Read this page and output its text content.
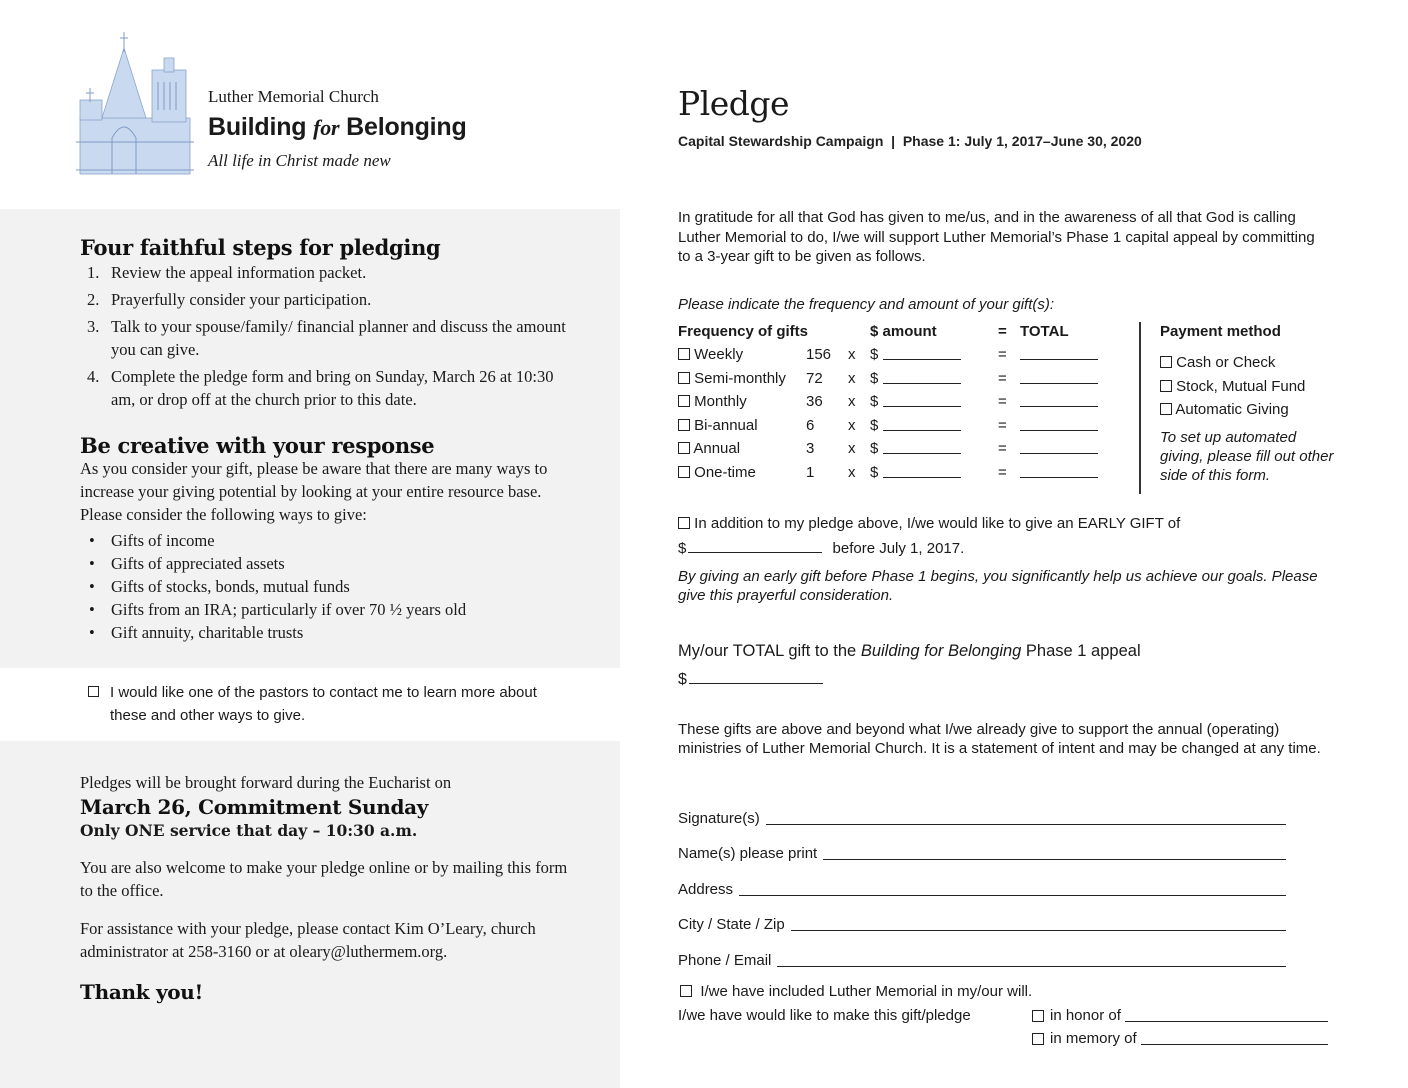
Luther Memorial Church
Building for Belonging
All life in Christ made new
Four faithful steps for pledging
1. Review the appeal information packet.
2. Prayerfully consider your participation.
3. Talk to your spouse/family/ financial planner and discuss the amount you can give.
4. Complete the pledge form and bring on Sunday, March 26 at 10:30 am, or drop off at the church prior to this date.
Be creative with your response
As you consider your gift, please be aware that there are many ways to increase your giving potential by looking at your entire resource base. Please consider the following ways to give:
• Gifts of income
• Gifts of appreciated assets
• Gifts of stocks, bonds, mutual funds
• Gifts from an IRA; particularly if over 70 ½ years old
• Gift annuity, charitable trusts
I would like one of the pastors to contact me to learn more about these and other ways to give.
Pledges will be brought forward during the Eucharist on
March 26, Commitment Sunday
Only ONE service that day – 10:30 a.m.
You are also welcome to make your pledge online or by mailing this form to the office.
For assistance with your pledge, please contact Kim O’Leary, church administrator at 258-3160 or at oleary@luthermem.org.
Thank you!
Pledge
Capital Stewardship Campaign  |  Phase 1: July 1, 2017–June 30, 2020
In gratitude for all that God has given to me/us, and in the awareness of all that God is calling Luther Memorial to do, I/we will support Luther Memorial’s Phase 1 capital appeal by committing to a 3-year gift to be given as follows.
Please indicate the frequency and amount of your gift(s):
Frequency of gifts	$ amount	= TOTAL
Weekly	156 x $	=
Semi-monthly 72 x $	=
Monthly	36 x $	=
Bi-annual	6 x $	=
Annual	3 x $	=
One-time	1 x $	=
Payment method
Cash or Check
Stock, Mutual Fund
Automatic Giving
To set up automated giving, please fill out other side of this form.
In addition to my pledge above, I/we would like to give an EARLY GIFT of
$	before July 1, 2017.
By giving an early gift before Phase 1 begins, you significantly help us achieve our goals. Please give this prayerful consideration.
My/our TOTAL gift to the Building for Belonging Phase 1 appeal
$
These gifts are above and beyond what I/we already give to support the annual (operating) ministries of Luther Memorial Church. It is a statement of intent and may be changed at any time.
Signature(s)
Name(s) please print
Address
City / State / Zip
Phone / Email
I/we have included Luther Memorial in my/our will.
I/we have would like to make this gift/pledge	in honor of
in memory of
